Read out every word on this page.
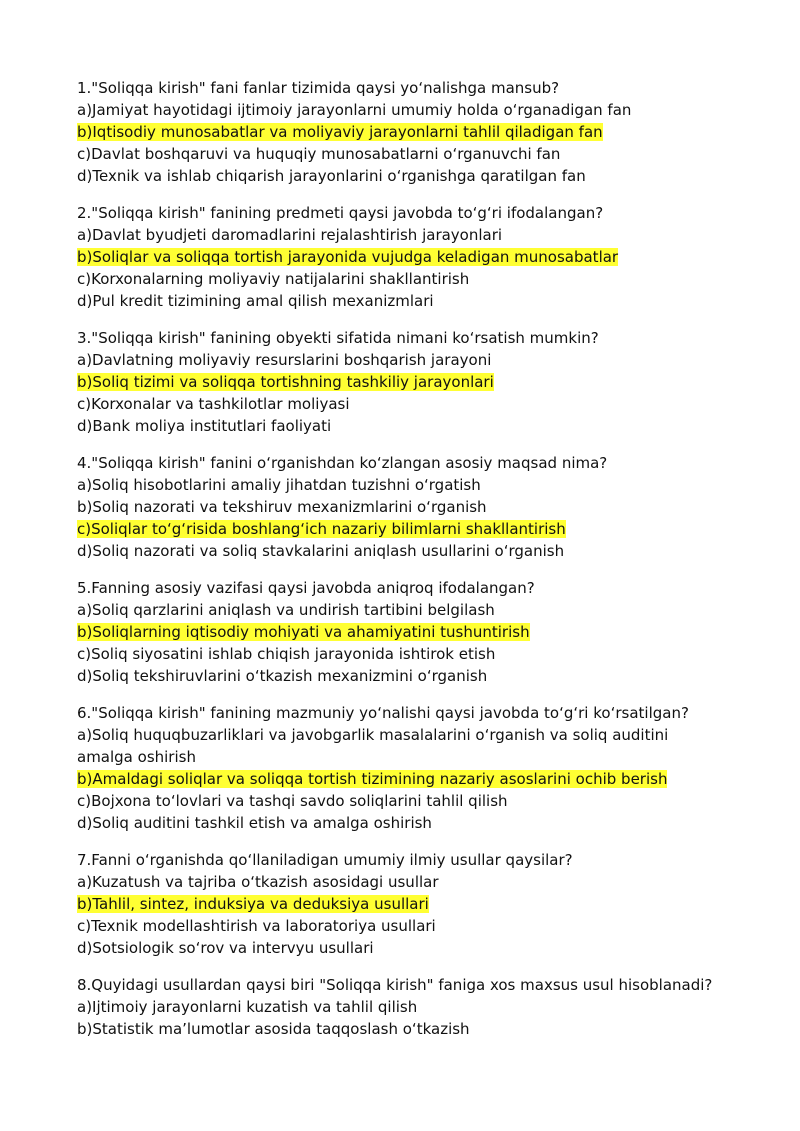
1."Soliqqa kirish" fani fanlar tizimida qaysi yo‘nalishga mansub?
a)Jamiyat hayotidagi ijtimoiy jarayonlarni umumiy holda o‘rganadigan fan
b)Iqtisodiy munosabatlar va moliyaviy jarayonlarni tahlil qiladigan fan
c)Davlat boshqaruvi va huquqiy munosabatlarni o‘rganuvchi fan
d)Texnik va ishlab chiqarish jarayonlarini o‘rganishga qaratilgan fan
2."Soliqqa kirish" fanining predmeti qaysi javobda to‘g‘ri ifodalangan?
a)Davlat byudjeti daromadlarini rejalashtirish jarayonlari
b)Soliqlar va soliqqa tortish jarayonida vujudga keladigan munosabatlar
c)Korxonalarning moliyaviy natijalarini shakllantirish
d)Pul kredit tizimining amal qilish mexanizmlari
3."Soliqqa kirish" fanining obyekti sifatida nimani ko‘rsatish mumkin?
a)Davlatning moliyaviy resurslarini boshqarish jarayoni
b)Soliq tizimi va soliqqa tortishning tashkiliy jarayonlari
c)Korxonalar va tashkilotlar moliyasi
d)Bank moliya institutlari faoliyati
4."Soliqqa kirish" fanini o‘rganishdan ko‘zlangan asosiy maqsad nima?
a)Soliq hisobotlarini amaliy jihatdan tuzishni o‘rgatish
b)Soliq nazorati va tekshiruv mexanizmlarini o‘rganish
c)Soliqlar to‘g‘risida boshlang‘ich nazariy bilimlarni shakllantirish
d)Soliq nazorati va soliq stavkalarini aniqlash usullarini o‘rganish
5.Fanning asosiy vazifasi qaysi javobda aniqroq ifodalangan?
a)Soliq qarzlarini aniqlash va undirish tartibini belgilash
b)Soliqlarning iqtisodiy mohiyati va ahamiyatini tushuntirish
c)Soliq siyosatini ishlab chiqish jarayonida ishtirok etish
d)Soliq tekshiruvlarini o‘tkazish mexanizmini o‘rganish
6."Soliqqa kirish" fanining mazmuniy yo‘nalishi qaysi javobda to‘g‘ri ko‘rsatilgan?
a)Soliq huquqbuzarliklari va javobgarlik masalalarini o‘rganish va soliq auditini amalga oshirish
b)Amaldagi soliqlar va soliqqa tortish tizimining nazariy asoslarini ochib berish
c)Bojxona to‘lovlari va tashqi savdo soliqlarini tahlil qilish
d)Soliq auditini tashkil etish va amalga oshirish
7.Fanni o‘rganishda qo‘llaniladigan umumiy ilmiy usullar qaysilar?
a)Kuzatush va tajriba o‘tkazish asosidagi usullar
b)Tahlil, sintez, induksiya va deduksiya usullari
c)Texnik modellashtirish va laboratoriya usullari
d)Sotsiologik so‘rov va intervyu usullari
8.Quyidagi usullardan qaysi biri "Soliqqa kirish" faniga xos maxsus usul hisoblanadi?
a)Ijtimoiy jarayonlarni kuzatish va tahlil qilish
b)Statistik ma’lumotlar asosida taqqoslash o‘tkazish
